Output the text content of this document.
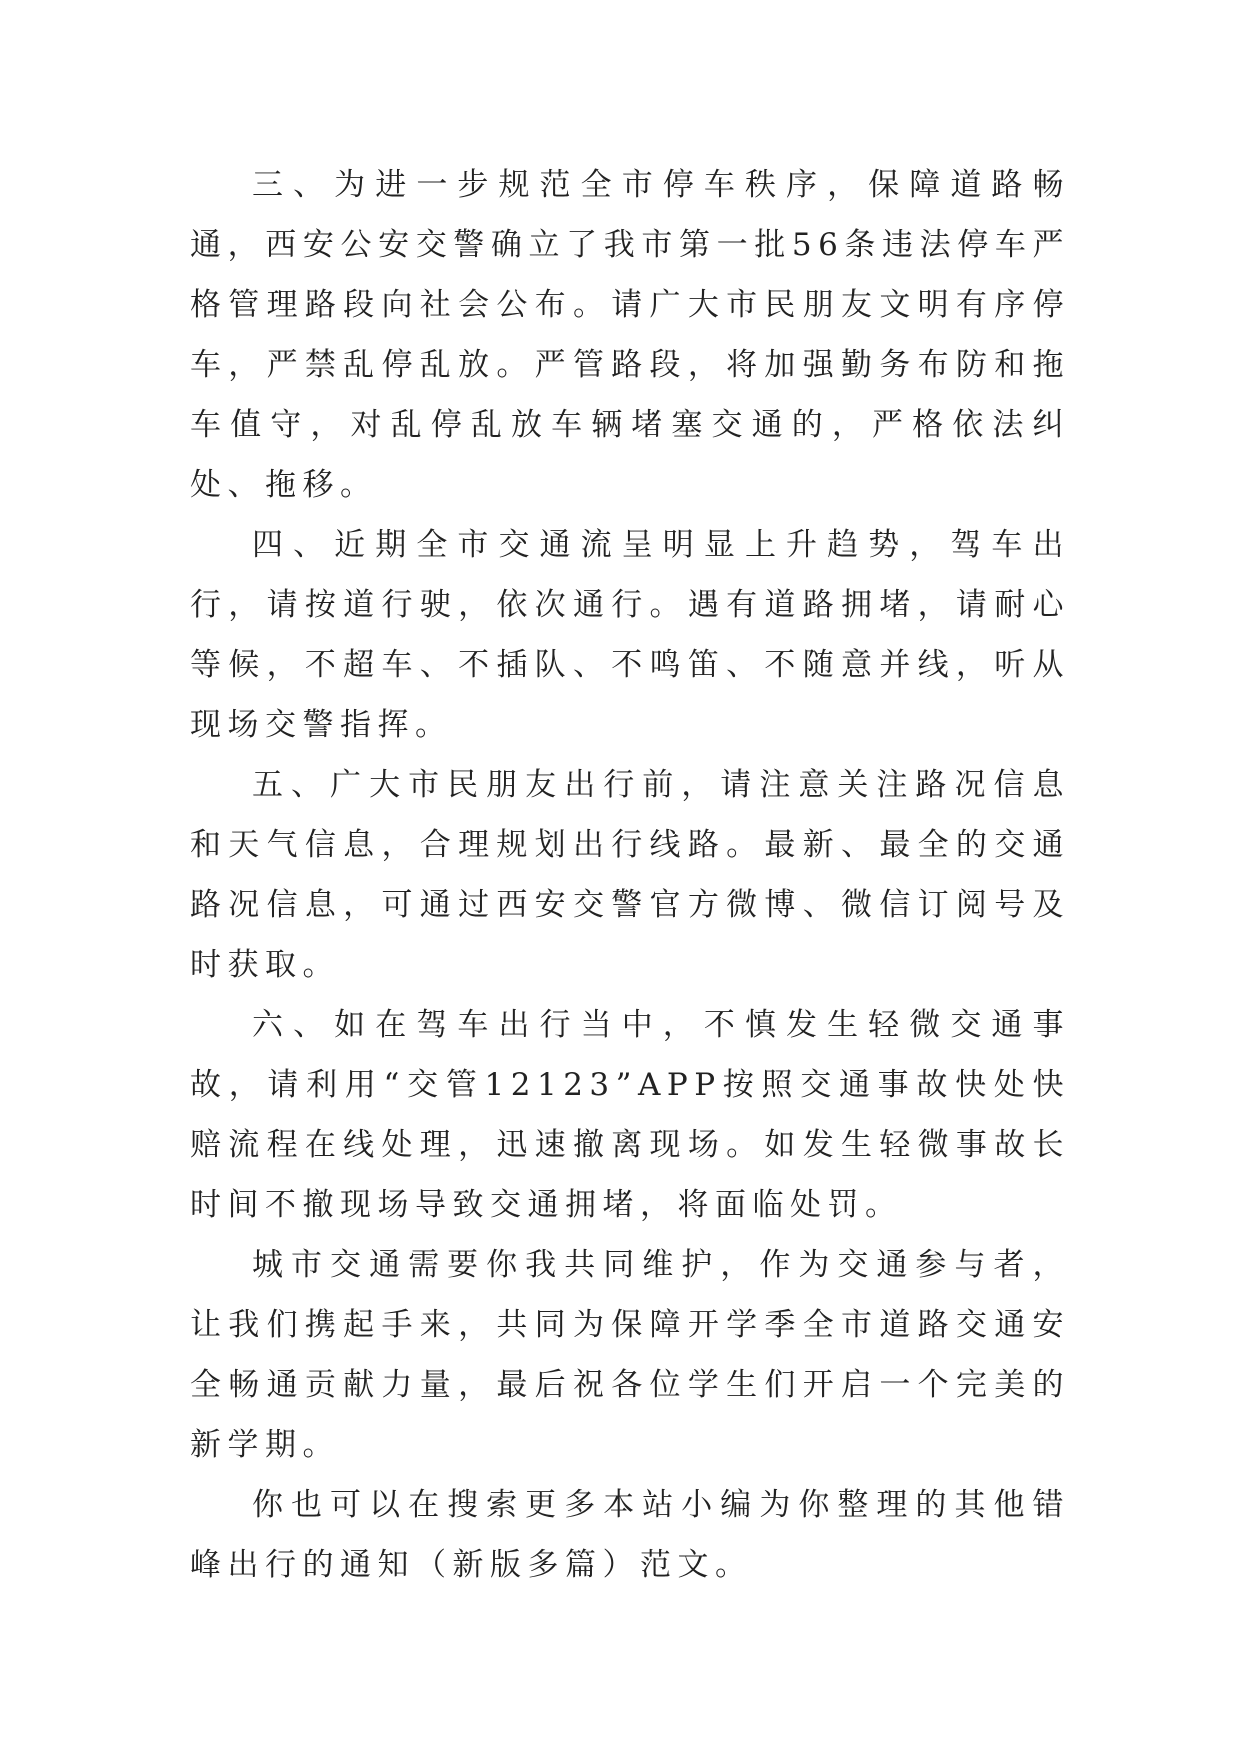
三、为进一步规范全市停车秩序，保障道路畅通，西安公安交警确立了我市第一批56条违法停车严格管理路段向社会公布。请广大市民朋友文明有序停车，严禁乱停乱放。严管路段，将加强勤务布防和拖车值守，对乱停乱放车辆堵塞交通的，严格依法纠处、拖移。

四、近期全市交通流呈明显上升趋势，驾车出行，请按道行驶，依次通行。遇有道路拥堵，请耐心等候，不超车、不插队、不鸣笛、不随意并线，听从现场交警指挥。

五、广大市民朋友出行前，请注意关注路况信息和天气信息，合理规划出行线路。最新、最全的交通路况信息，可通过西安交警官方微博、微信订阅号及时获取。

六、如在驾车出行当中，不慎发生轻微交通事故，请利用“交管12123”APP按照交通事故快处快赔流程在线处理，迅速撤离现场。如发生轻微事故长时间不撤现场导致交通拥堵，将面临处罚。

城市交通需要你我共同维护，作为交通参与者，让我们携起手来，共同为保障开学季全市道路交通安全畅通贡献力量，最后祝各位学生们开启一个完美的新学期。

你也可以在搜索更多本站小编为你整理的其他错峰出行的通知（新版多篇）范文。
